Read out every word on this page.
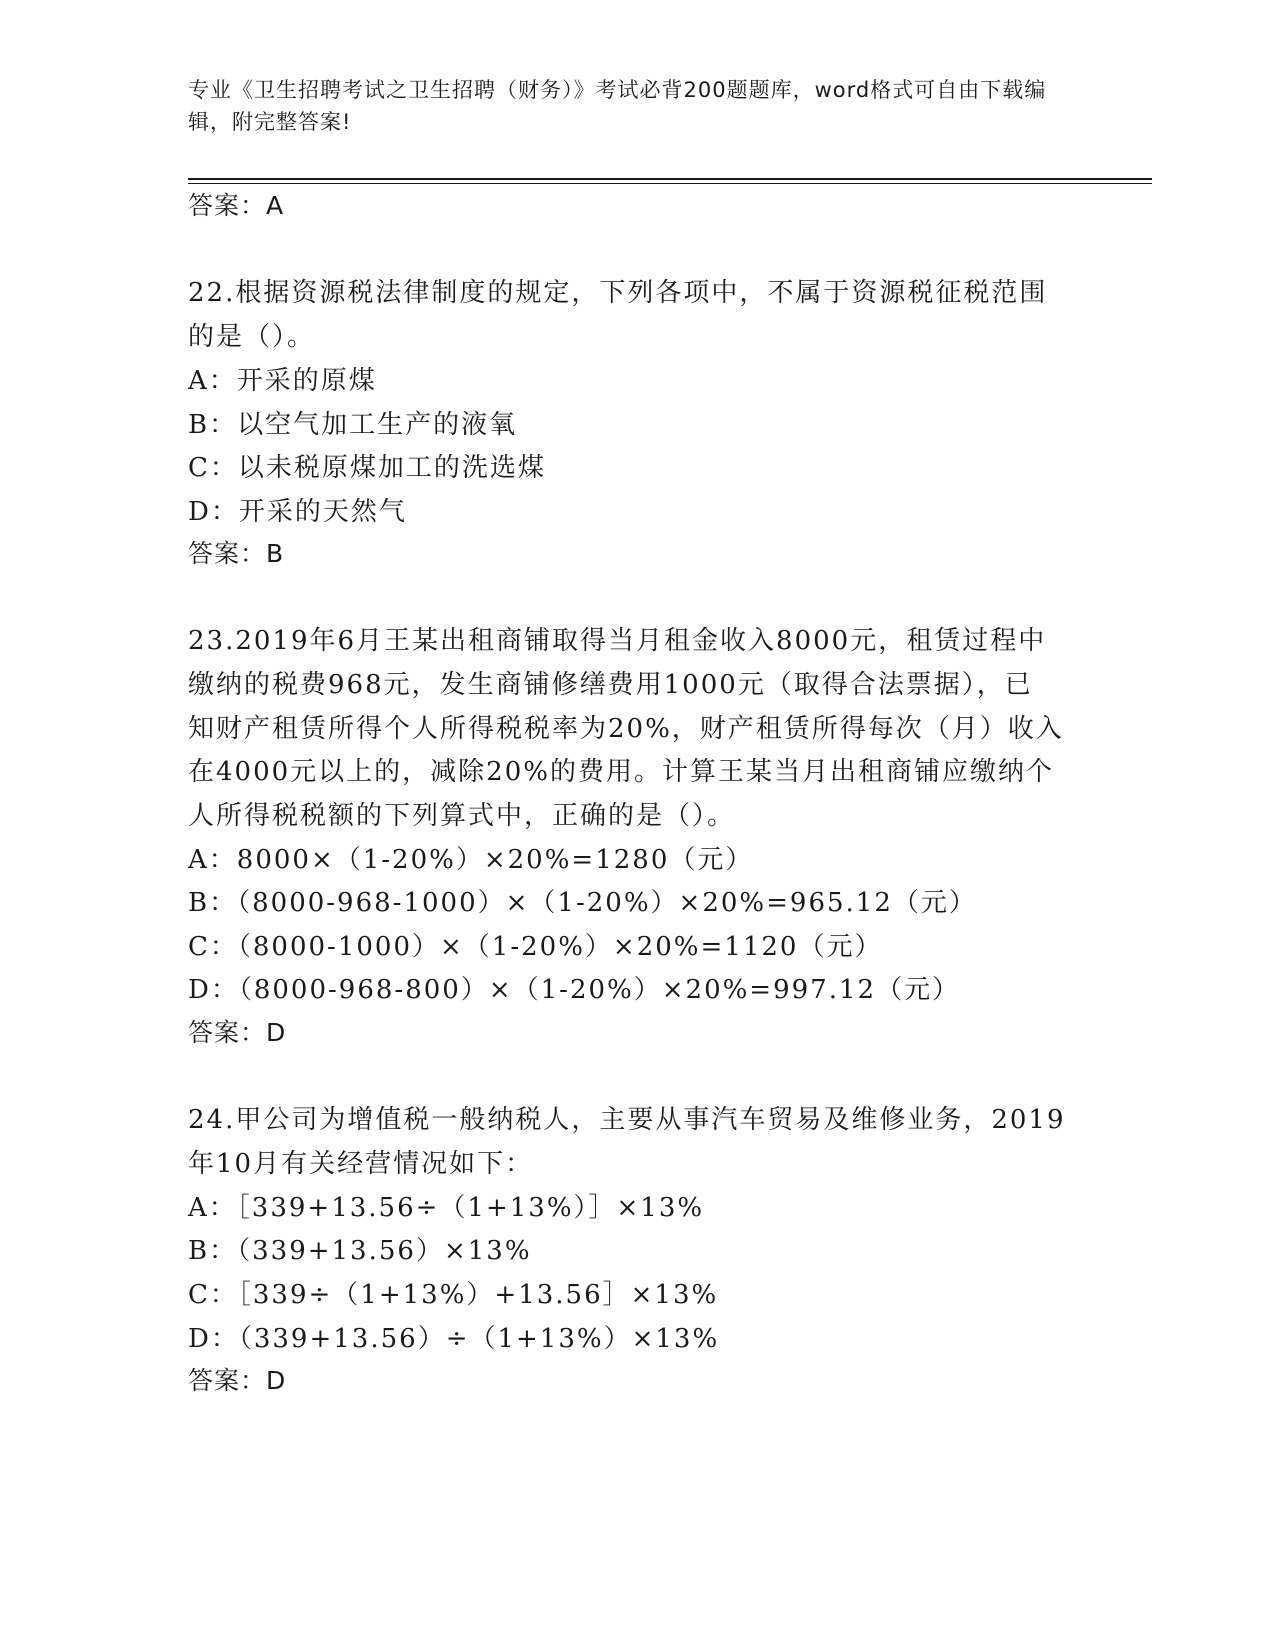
专业《卫生招聘考试之卫生招聘（财务）》考试必背200题题库，word格式可自由下载编辑，附完整答案!
答案：A
22.根据资源税法律制度的规定，下列各项中，不属于资源税征税范围
的是（）。
A：开采的原煤
B：以空气加工生产的液氧
C：以未税原煤加工的洗选煤
D：开采的天然气
答案：B
23.2019年6月王某出租商铺取得当月租金收入8000元，租赁过程中
缴纳的税费968元，发生商铺修缮费用1000元（取得合法票据），已
知财产租赁所得个人所得税税率为20%，财产租赁所得每次（月）收入
在4000元以上的，减除20%的费用。计算王某当月出租商铺应缴纳个
人所得税税额的下列算式中，正确的是（）。
A：8000×（1-20%）×20%=1280（元）
B：（8000-968-1000）×（1-20%）×20%=965.12（元）
C：（8000-1000）×（1-20%）×20%=1120（元）
D：（8000-968-800）×（1-20%）×20%=997.12（元）
答案：D
24.甲公司为增值税一般纳税人，主要从事汽车贸易及维修业务，2019
年10月有关经营情况如下：
A：［339+13.56÷（1+13%）］×13%
B：（339+13.56）×13%
C：［339÷（1+13%）+13.56］×13%
D：（339+13.56）÷（1+13%）×13%
答案：D
